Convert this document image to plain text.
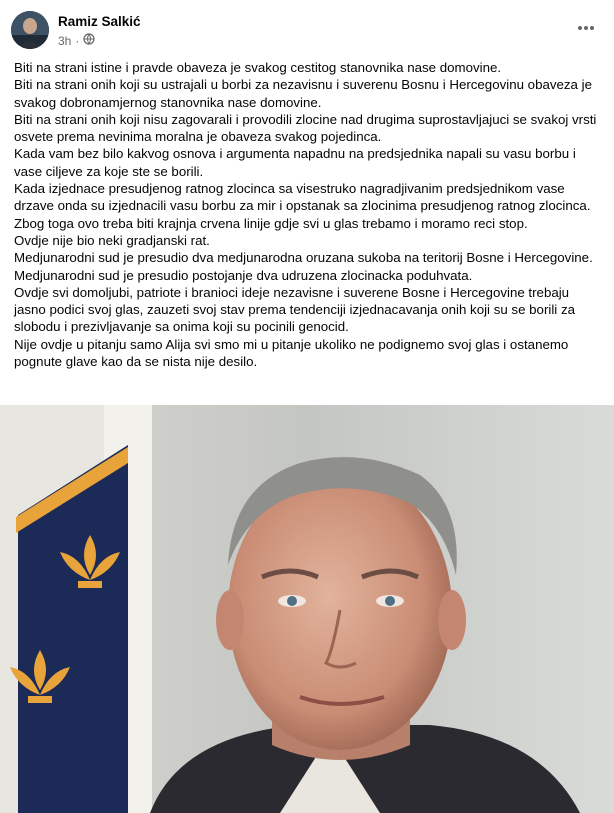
Ramiz Salkić
3h ·

Biti na strani istine i pravde obaveza je svakog cestitog stanovnika nase domovine.

Biti na strani onih koji su ustrajali u borbi za nezavisnu i suverenu Bosnu i Hercegovinu obaveza je svakog dobronamjernog stanovnika nase domovine.

Biti na strani onih koji nisu zagovarali i provodili zlocine nad drugima suprostavljajuci se svakoj vrsti osvete prema nevinima moralna je obaveza svakog pojedinca.

Kada vam bez bilo kakvog osnova i argumenta napadnu na predsjednika napali su vasu borbu i vase ciljeve za koje ste se borili.

Kada izjednace presudjenog ratnog zlocinca sa visestruko nagradjivanim predsjednikom vase drzave onda su izjednacili vasu borbu za mir i opstanak sa zlocinima presudjenog ratnog zlocinca.

Zbog toga ovo treba biti krajnja crvena linije gdje svi u glas trebamo i moramo reci stop.

Ovdje nije bio neki gradjanski rat.

Medjunarodni sud je presudio dva medjunarodna oruzana sukoba na teritorij Bosne i Hercegovine.

Medjunarodni sud je presudio postojanje dva udruzena zlocinacka poduhvata.

Ovdje svi domoljubi, patriote i branioci ideje nezavisne i suverene Bosne i Hercegovine trebaju jasno podici svoj glas, zauzeti svoj stav prema tendenciji izjednacavanja onih koji su se borili za slobodu i prezivljavanje sa onima koji su pocinili genocid.

Nije ovdje u pitanju samo Alija svi smo mi u pitanje ukoliko ne podignemo svoj glas i ostanemo pognute glave kao da se nista nije desilo.
